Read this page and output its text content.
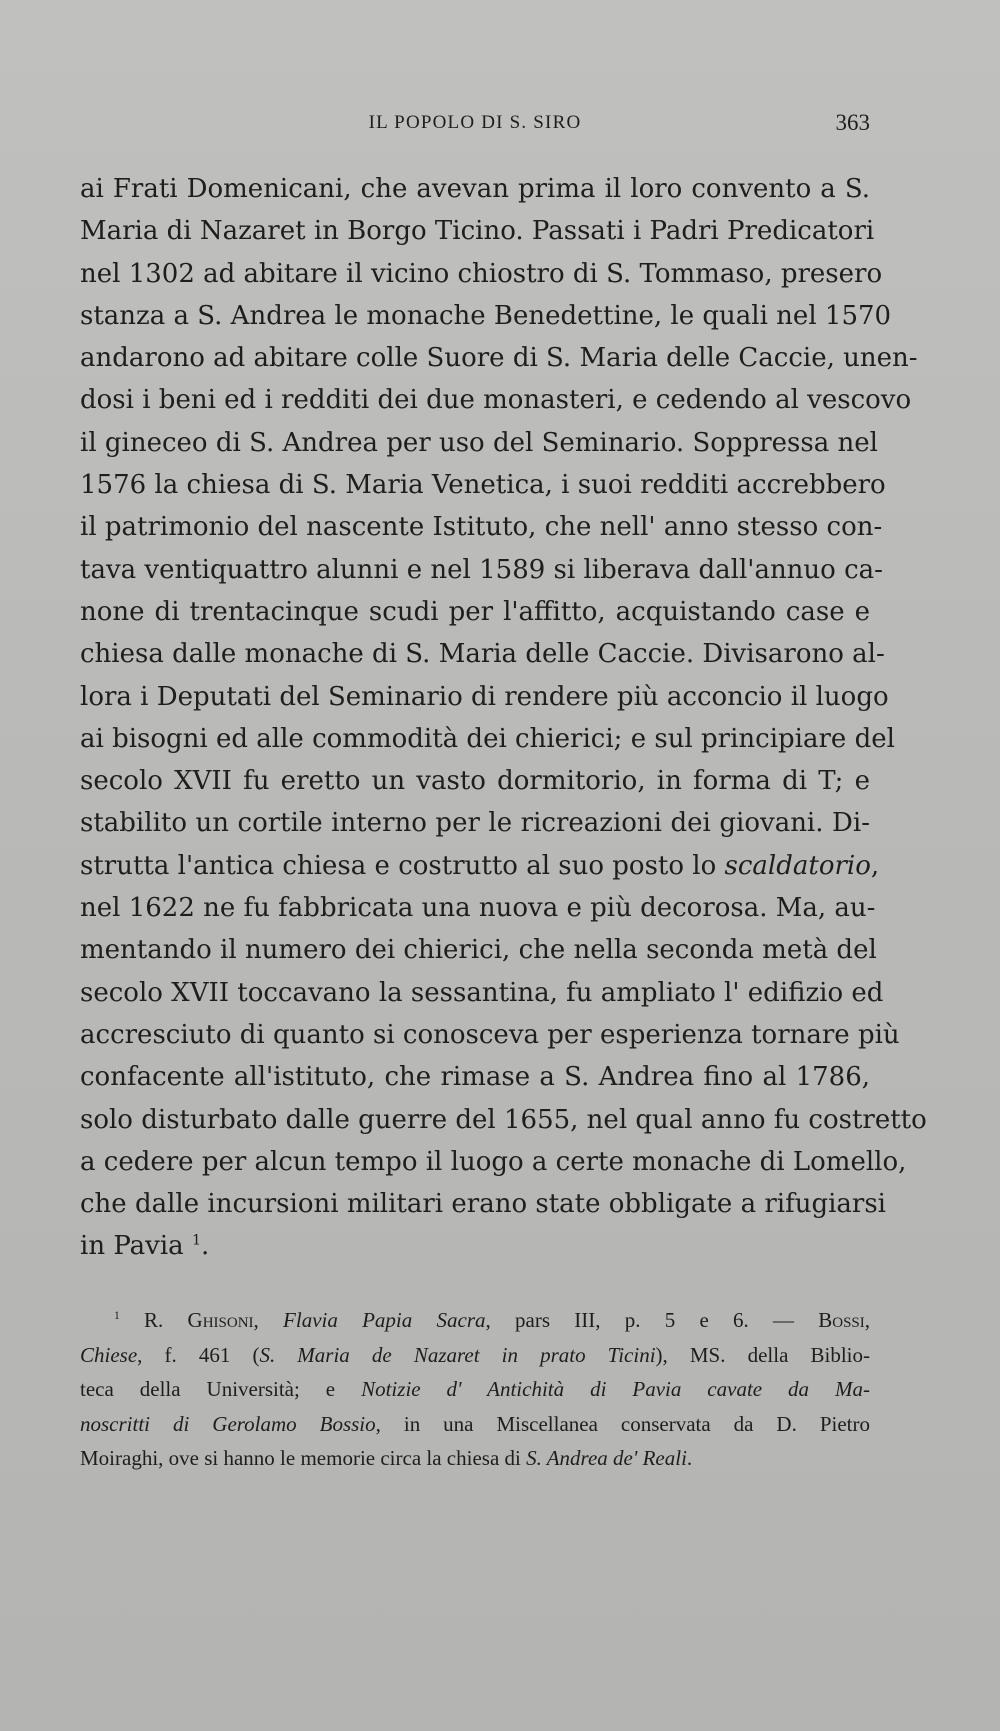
IL POPOLO DI S. SIRO	363
ai Frati Domenicani, che avevan prima il loro convento a S.
Maria di Nazaret in Borgo Ticino. Passati i Padri Predicatori
nel 1302 ad abitare il vicino chiostro di S. Tommaso, presero
stanza a S. Andrea le monache Benedettine, le quali nel 1570
andarono ad abitare colle Suore di S. Maria delle Caccie, unen-
dosi i beni ed i redditi dei due monasteri, e cedendo al vescovo
il gineceo di S. Andrea per uso del Seminario. Soppressa nel
1576 la chiesa di S. Maria Venetica, i suoi redditi accrebbero
il patrimonio del nascente Istituto, che nell' anno stesso con-
tava ventiquattro alunni e nel 1589 si liberava dall'annuo ca-
none di trentacinque scudi per l'affitto, acquistando case e
chiesa dalle monache di S. Maria delle Caccie. Divisarono al-
lora i Deputati del Seminario di rendere più acconcio il luogo
ai bisogni ed alle commodità dei chierici; e sul principiare del
secolo XVII fu eretto un vasto dormitorio, in forma di T; e
stabilito un cortile interno per le ricreazioni dei giovani. Di-
strutta l'antica chiesa e costrutto al suo posto lo scaldatorio,
nel 1622 ne fu fabbricata una nuova e più decorosa. Ma, au-
mentando il numero dei chierici, che nella seconda metà del
secolo XVII toccavano la sessantina, fu ampliato l' edifizio ed
accresciuto di quanto si conosceva per esperienza tornare più
confacente all'istituto, che rimase a S. Andrea fino al 1786,
solo disturbato dalle guerre del 1655, nel qual anno fu costretto
a cedere per alcun tempo il luogo a certe monache di Lomello,
che dalle incursioni militari erano state obbligate a rifugiarsi
in Pavia $^1$.
$^1$ R. Ghisoni, Flavia Papia Sacra, pars III, p. 5 e 6. — Bossi,
Chiese, f. 461 (S. Maria de Nazaret in prato Ticini), MS. della Biblio-
teca della Università; e Notizie d' Antichità di Pavia cavate da Ma-
noscritti di Gerolamo Bossio, in una Miscellanea conservata da D. Pietro
Moiraghi, ove si hanno le memorie circa la chiesa di S. Andrea de' Reali.
